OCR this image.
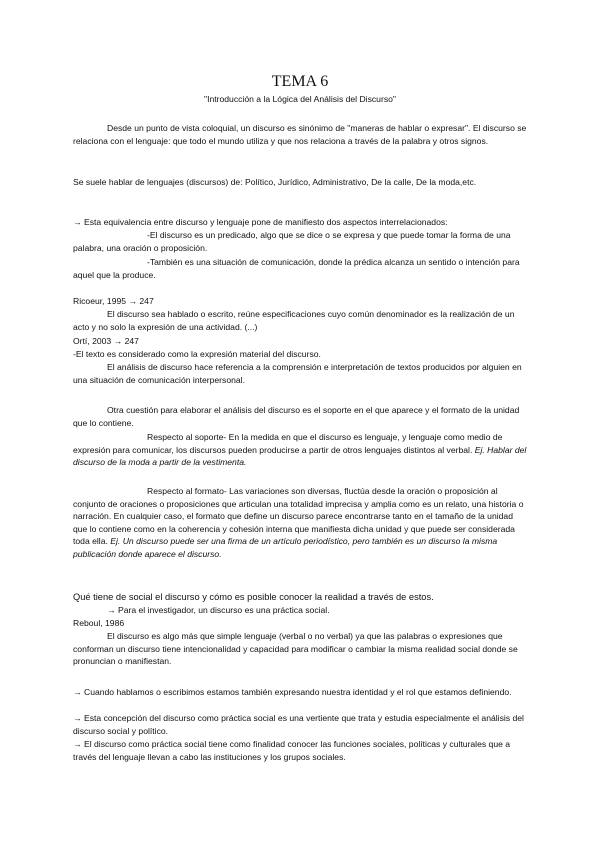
TEMA 6
"Introducción a la Lógica del Análisis del Discurso"

Desde un punto de vista coloquial, un discurso es sinónimo de "maneras de hablar o expresar". El discurso se relaciona con el lenguaje: que todo el mundo utiliza y que nos relaciona a través de la palabra y otros signos.

Se suele hablar de lenguajes (discursos) de: Político, Jurídico, Administrativo, De la calle, De la moda,etc.

→ Esta equivalencia entre discurso y lenguaje pone de manifiesto dos aspectos interrelacionados:

-El discurso es un predicado, algo que se dice o se expresa y que puede tomar la forma de una palabra, una oración o proposición.

-También es una situación de comunicación, donde la prédica alcanza un sentido o intención para aquel que la produce.

Ricoeur, 1995 → 247

El discurso sea hablado o escrito, reúne especificaciones cuyo común denominador es la realización de un acto y no solo la expresión de una actividad. (...)

Ortí, 2003 → 247

-El texto es considerado como la expresión material del discurso.

El análisis de discurso hace referencia a la comprensión e interpretación de textos producidos por alguien en una situación de comunicación interpersonal.

Otra cuestión para elaborar el análisis del discurso es el soporte en el que aparece y el formato de la unidad que lo contiene.

Respecto al soporte- En la medida en que el discurso es lenguaje, y lenguaje como medio de expresión para comunicar, los discursos pueden producirse a partir de otros lenguajes distintos al verbal. Ej. Hablar del discurso de la moda a partir de la vestimenta.

Respecto al formato- Las variaciones son diversas, fluctúa desde la oración o proposición al conjunto de oraciones o proposiciones que articulan una totalidad imprecisa y amplia como es un relato, una historia o narración. En cualquier caso, el formato que define un discurso parece encontrarse tanto en el tamaño de la unidad que lo contiene como en la coherencia y cohesión interna que manifiesta dicha unidad y que puede ser considerada toda ella. Ej. Un discurso puede ser una firma de un artículo periodístico, pero también es un discurso la misma publicación donde aparece el discurso.

Qué tiene de social el discurso y cómo es posible conocer la realidad a través de estos.

→ Para el investigador, un discurso es una práctica social.

Reboul, 1986

El discurso es algo más que simple lenguaje (verbal o no verbal) ya que las palabras o expresiones que conforman un discurso tiene intencionalidad y capacidad para modificar o cambiar la misma realidad social donde se pronuncian o manifiestan.

→ Cuando hablamos o escribimos estamos también expresando nuestra identidad y el rol que estamos definiendo.

→ Esta concepción del discurso como práctica social es una vertiente que trata y estudia especialmente el análisis del discurso social y político.

→ El discurso como práctica social tiene como finalidad conocer las funciones sociales, políticas y culturales que a través del lenguaje llevan a cabo las instituciones y los grupos sociales.
